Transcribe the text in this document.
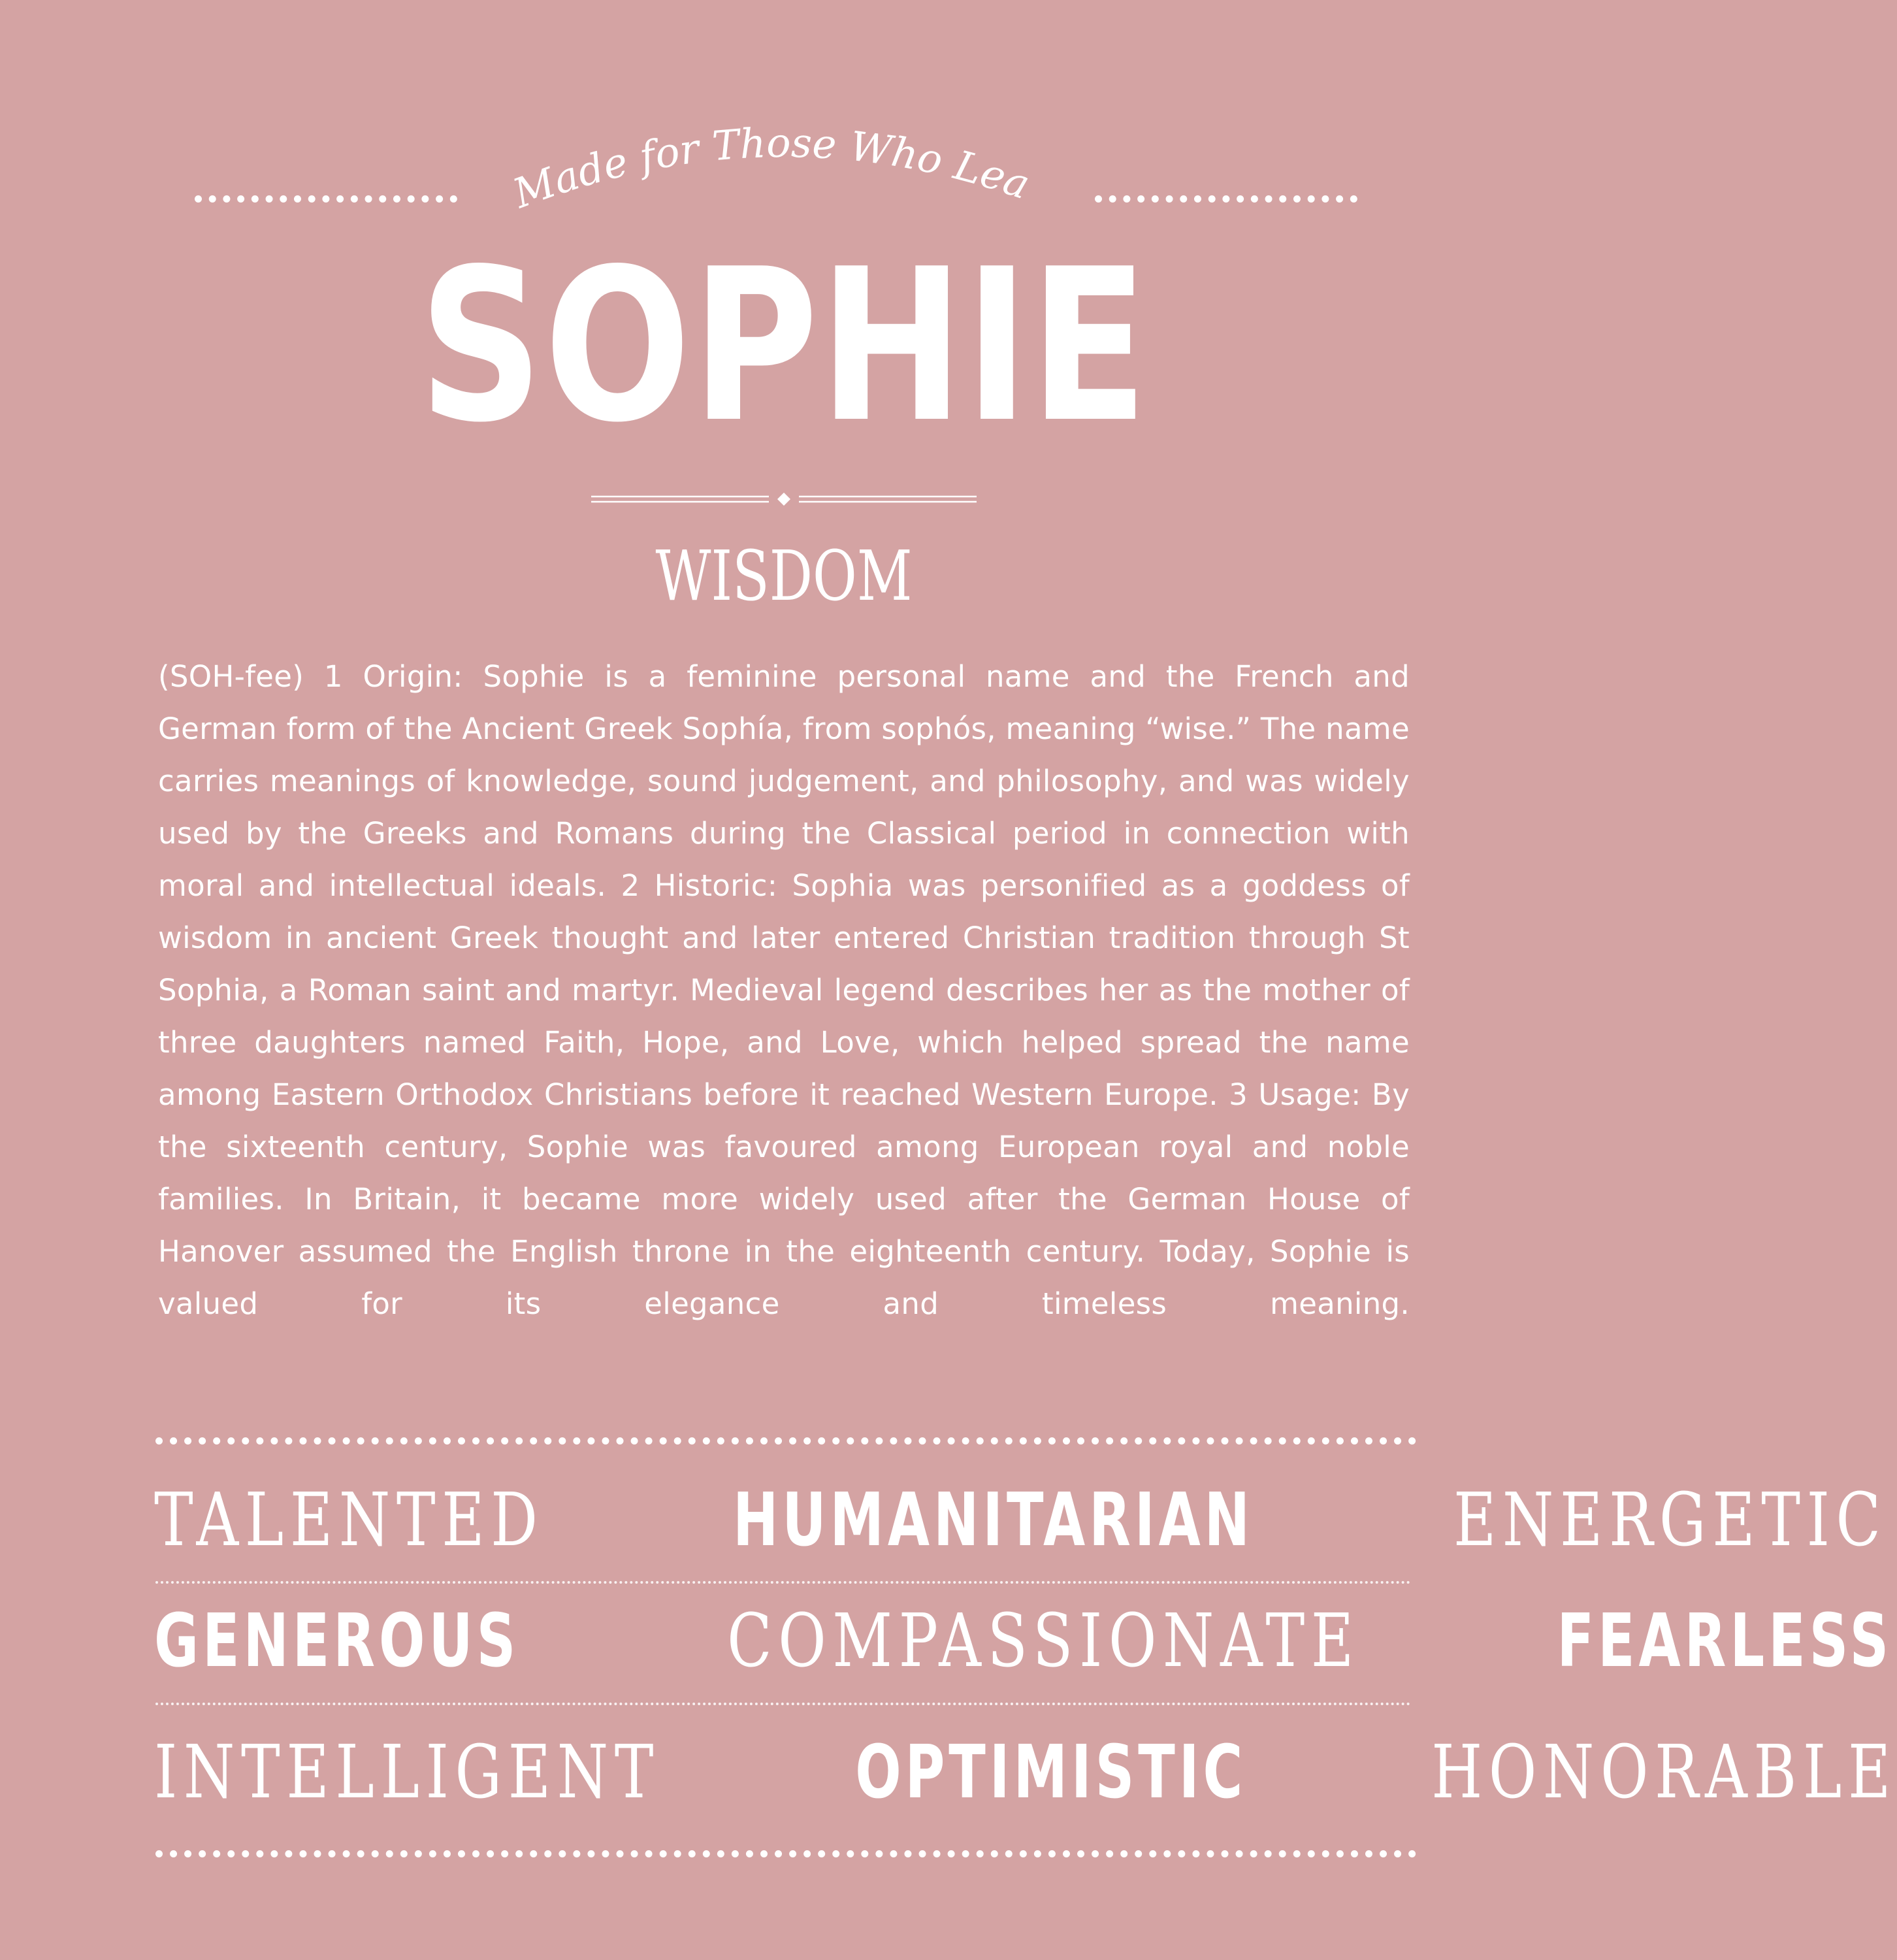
Made for Those Who Lead
SOPHIE
WISDOM

(SOH-fee) 1 Origin: Sophie is a feminine personal name and the French and German form of the Ancient Greek Sophía, from sophós, meaning “wise.” The name carries meanings of knowledge, sound judgement, and philosophy, and was widely used by the Greeks and Romans during the Classical period in connection with moral and intellectual ideals. 2 Historic: Sophia was personified as a goddess of wisdom in ancient Greek thought and later entered Christian tradition through St Sophia, a Roman saint and martyr. Medieval legend describes her as the mother of three daughters named Faith, Hope, and Love, which helped spread the name among Eastern Orthodox Christians before it reached Western Europe. 3 Usage: By the sixteenth century, Sophie was favoured among European royal and noble families. In Britain, it became more widely used after the German House of Hanover assumed the English throne in the eighteenth century. Today, Sophie is valued for its elegance and timeless meaning.

TALENTED	HUMANITARIAN	ENERGETIC
GENEROUS	COMPASSIONATE	FEARLESS
INTELLIGENT	OPTIMISTIC	HONORABLE
